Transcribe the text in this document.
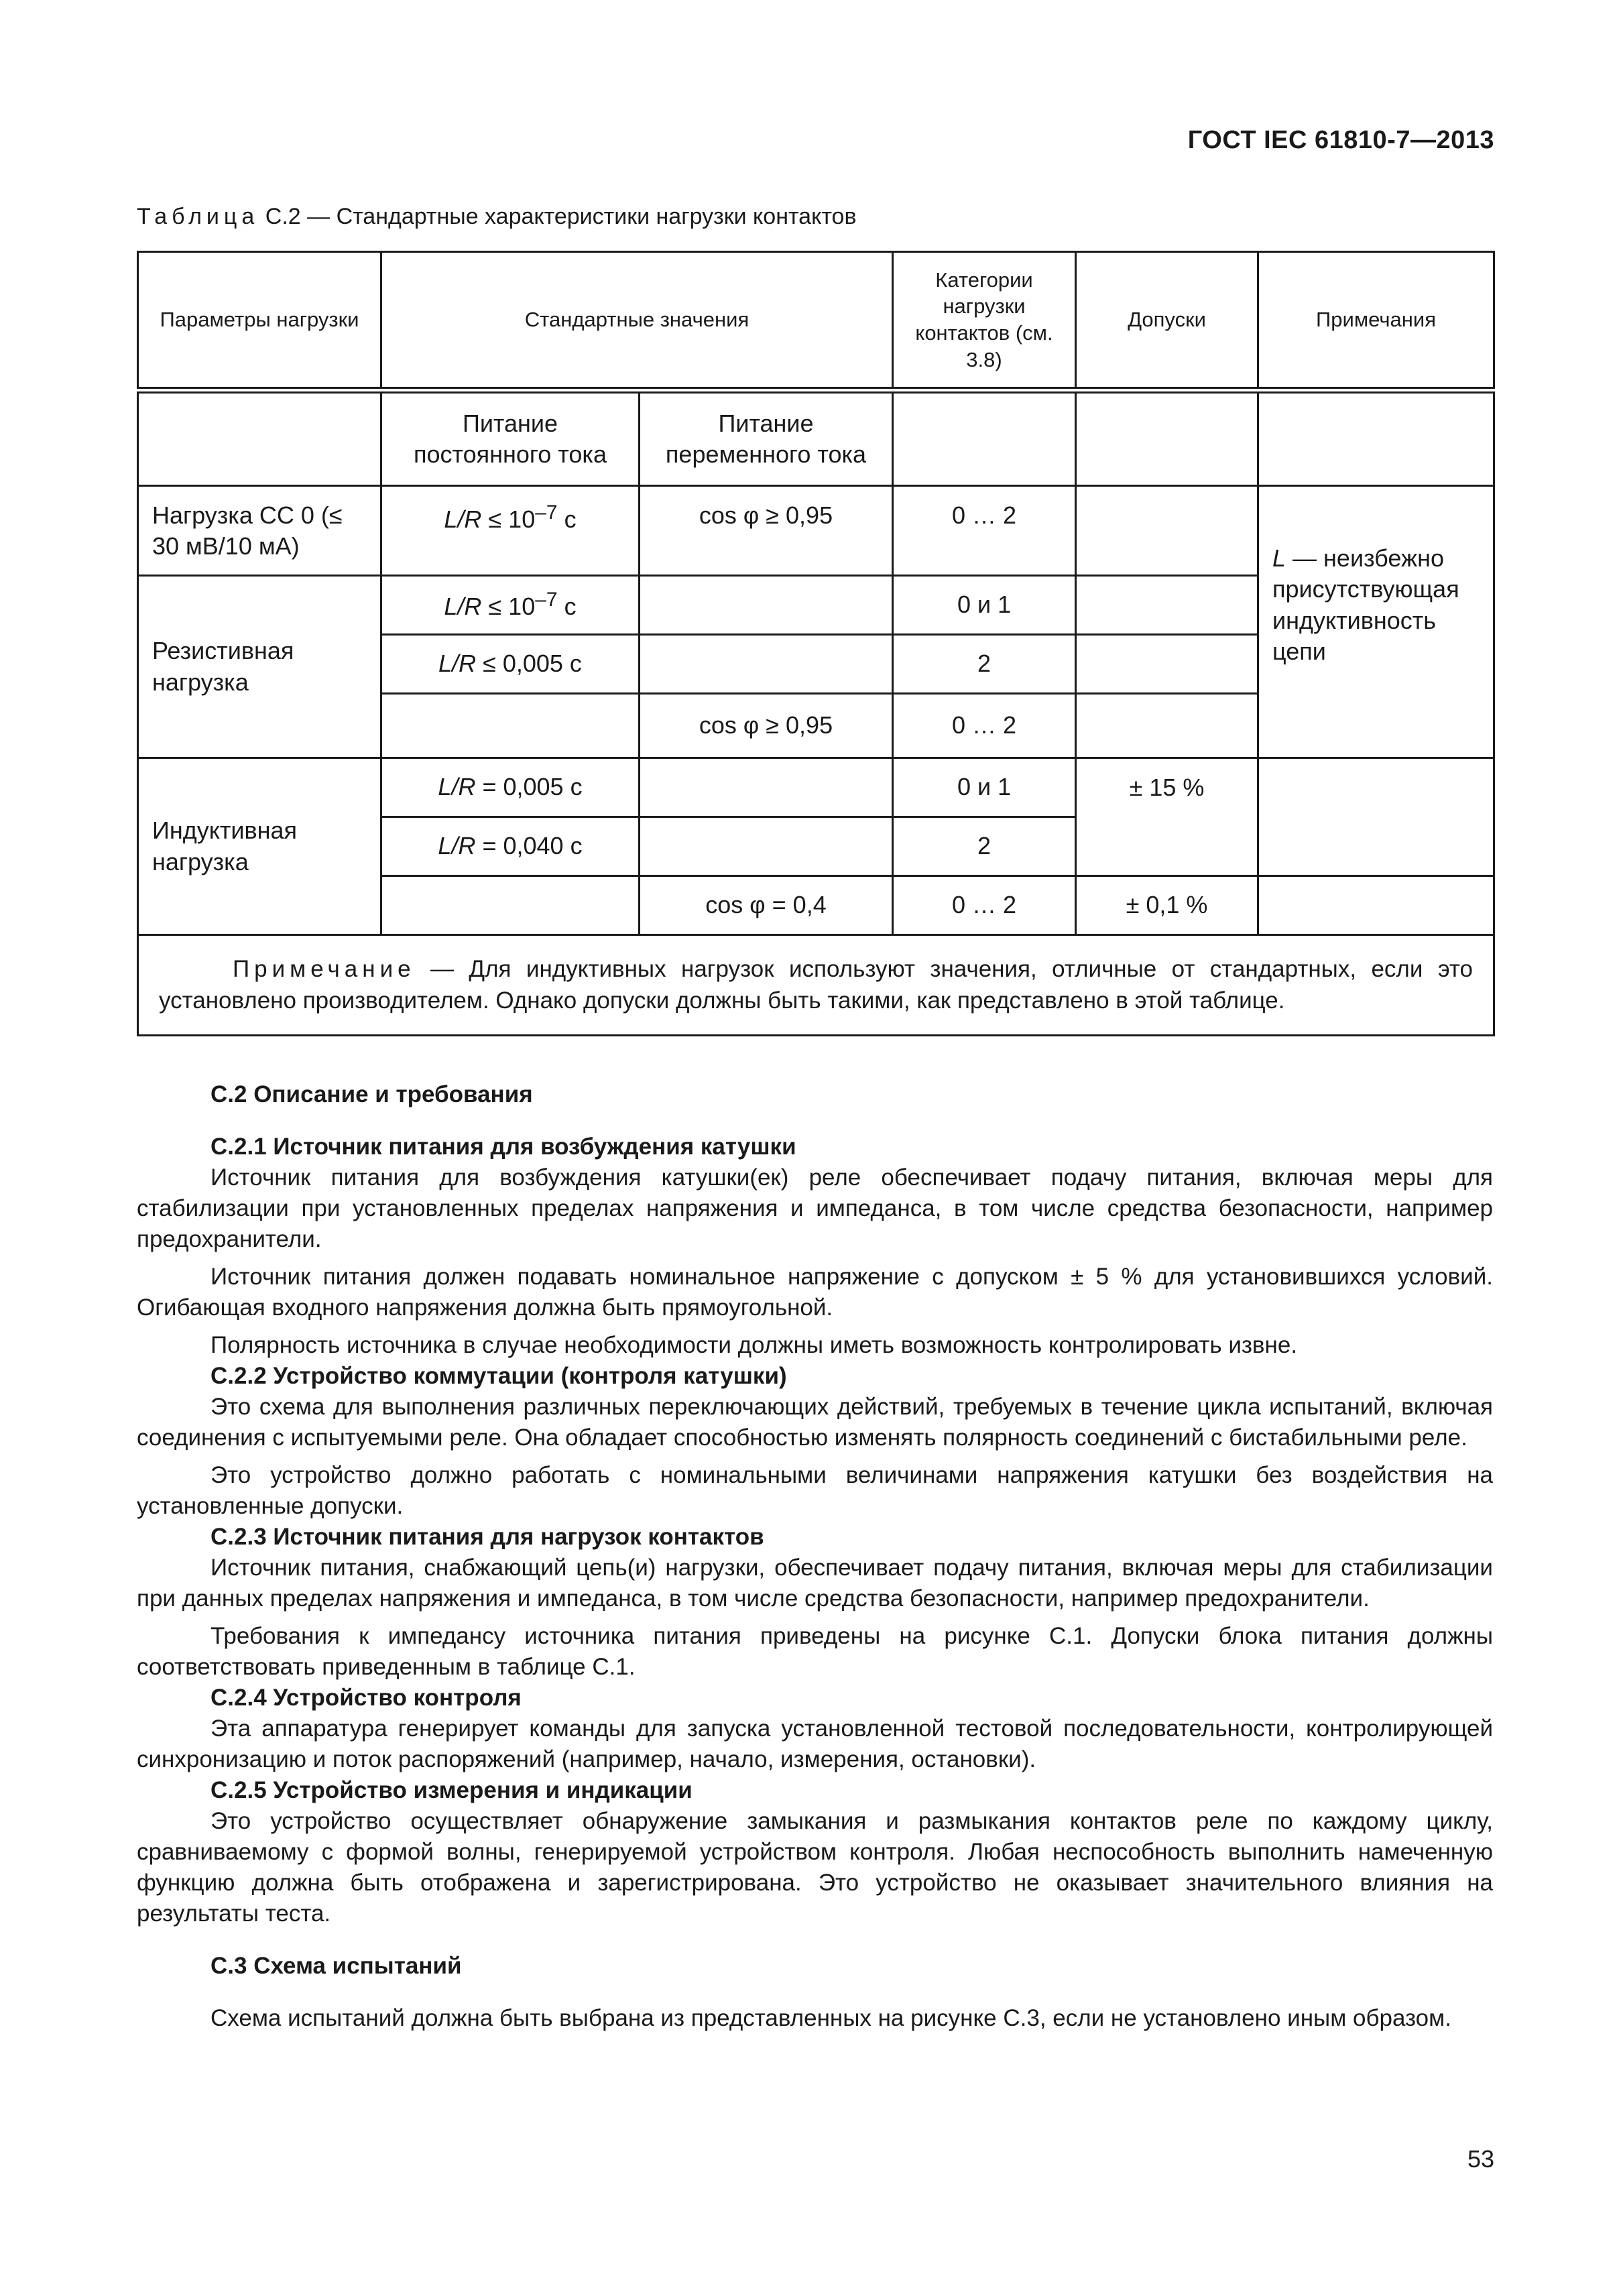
ГОСТ IEC 61810-7—2013
Таблица С.2 — Стандартные характеристики нагрузки контактов
Параметры нагрузки	Стандартные значения		Категории нагрузки контактов (см. 3.8)	Допуски	Примечания
	Питание постоянного тока	Питание переменного тока			
Нагрузка СС 0 (≤ 30 мВ/10 мА)	$L/R \le 10^{-7}$ с	cos φ ≥ 0,95	0 … 2		L — неизбежно присутствующая индуктивность цепи
Резистивная нагрузка	$L/R \le 10^{-7}$ с		0 и 1		
	L/R ≤ 0,005 с		2		
		cos φ ≥ 0,95	0 … 2		
Индуктивная нагрузка	L/R = 0,005 с		0 и 1	± 15 %	
	L/R = 0,040 с		2		
		cos φ = 0,4	0 … 2	± 0,1 %	

Примечание — Для индуктивных нагрузок используют значения, отличные от стандартных, если это установлено производителем. Однако допуски должны быть такими, как представлено в этой таблице.					
С.2 Описание и требования
С.2.1 Источник питания для возбуждения катушки

Источник питания для возбуждения катушки(ек) реле обеспечивает подачу питания, включая меры для стабилизации при установленных пределах напряжения и импеданса, в том числе средства безопасности, например предохранители.

Источник питания должен подавать номинальное напряжение с допуском ± 5 % для установившихся условий. Огибающая входного напряжения должна быть прямоугольной.

Полярность источника в случае необходимости должны иметь возможность контролировать извне.

С.2.2 Устройство коммутации (контроля катушки)

Это схема для выполнения различных переключающих действий, требуемых в течение цикла испытаний, включая соединения с испытуемыми реле. Она обладает способностью изменять полярность соединений с бистабильными реле.

Это устройство должно работать с номинальными величинами напряжения катушки без воздействия на установленные допуски.

С.2.3 Источник питания для нагрузок контактов

Источник питания, снабжающий цепь(и) нагрузки, обеспечивает подачу питания, включая меры для стабилизации при данных пределах напряжения и импеданса, в том числе средства безопасности, например предохранители.

Требования к импедансу источника питания приведены на рисунке С.1. Допуски блока питания должны соответствовать приведенным в таблице С.1.

С.2.4 Устройство контроля

Эта аппаратура генерирует команды для запуска установленной тестовой последовательности, контролирующей синхронизацию и поток распоряжений (например, начало, измерения, остановки).

С.2.5 Устройство измерения и индикации

Это устройство осуществляет обнаружение замыкания и размыкания контактов реле по каждому циклу, сравниваемому с формой волны, генерируемой устройством контроля. Любая неспособность выполнить намеченную функцию должна быть отображена и зарегистрирована. Это устройство не оказывает значительного влияния на результаты теста.

С.3 Схема испытаний

Схема испытаний должна быть выбрана из представленных на рисунке С.3, если не установлено иным образом.

53
